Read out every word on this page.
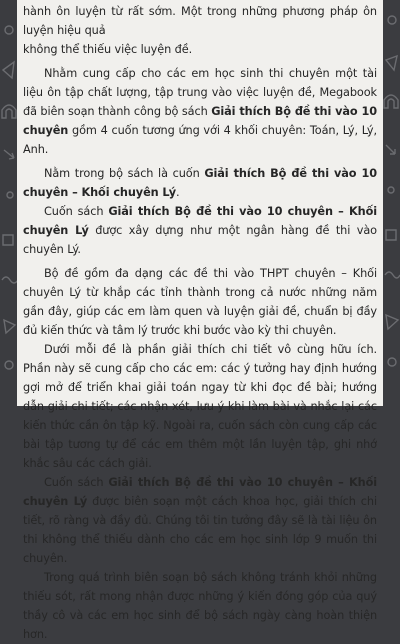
hành ôn luyện từ rất sớm. Một trong những phương pháp ôn luyện hiệu quả
không thể thiếu việc luyện đề.

Nhằm cung cấp cho các em học sinh thi chuyên một tài liệu ôn tập chất lượng, tập trung vào việc luyện đề, Megabook đã biên soạn thành công bộ sách Giải thích Bộ đề thi vào 10 chuyên gồm 4 cuốn tương ứng với 4 khối chuyên: Toán, Lý, Lý, Anh.

Nằm trong bộ sách là cuốn Giải thích Bộ đề thi vào 10 chuyên – Khối chuyên Lý.

Cuốn sách Giải thích Bộ đề thi vào 10 chuyên – Khối chuyên Lý được xây dựng như một ngân hàng đề thi vào chuyên Lý.

Bộ đề gồm đa dạng các đề thi vào THPT chuyên – Khối chuyên Lý từ khắp các tỉnh thành trong cả nước những năm gần đây, giúp các em làm quen và luyện giải đề, chuẩn bị đầy đủ kiến thức và tâm lý trước khi bước vào kỳ thi chuyên.

Dưới mỗi đề là phần giải thích chi tiết vô cùng hữu ích. Phần này sẽ cung cấp cho các em: các ý tưởng hay định hướng gợi mở để triển khai giải toán ngay từ khi đọc đề bài; hướng dẫn giải chi tiết; các nhận xét, lưu ý khi làm bài và nhắc lại các kiến thức cần ôn tập kỹ. Ngoài ra, cuốn sách còn cung cấp các bài tập tương tự để các em thêm một lần luyện tập, ghi nhớ khắc sâu các cách giải.

Cuốn sách Giải thích Bộ đề thi vào 10 chuyên – Khối chuyên Lý được biên soạn một cách khoa học, giải thích chi tiết, rõ ràng và đầy đủ. Chúng tôi tin tưởng đây sẽ là tài liệu ôn thi không thể thiếu dành cho các em học sinh lớp 9 muốn thi chuyên.

Trong quá trình biên soạn bộ sách không tránh khỏi những thiếu sót, rất mong nhận được những ý kiến đóng góp của quý thầy cô và các em học sinh để bộ sách ngày càng hoàn thiện hơn.
